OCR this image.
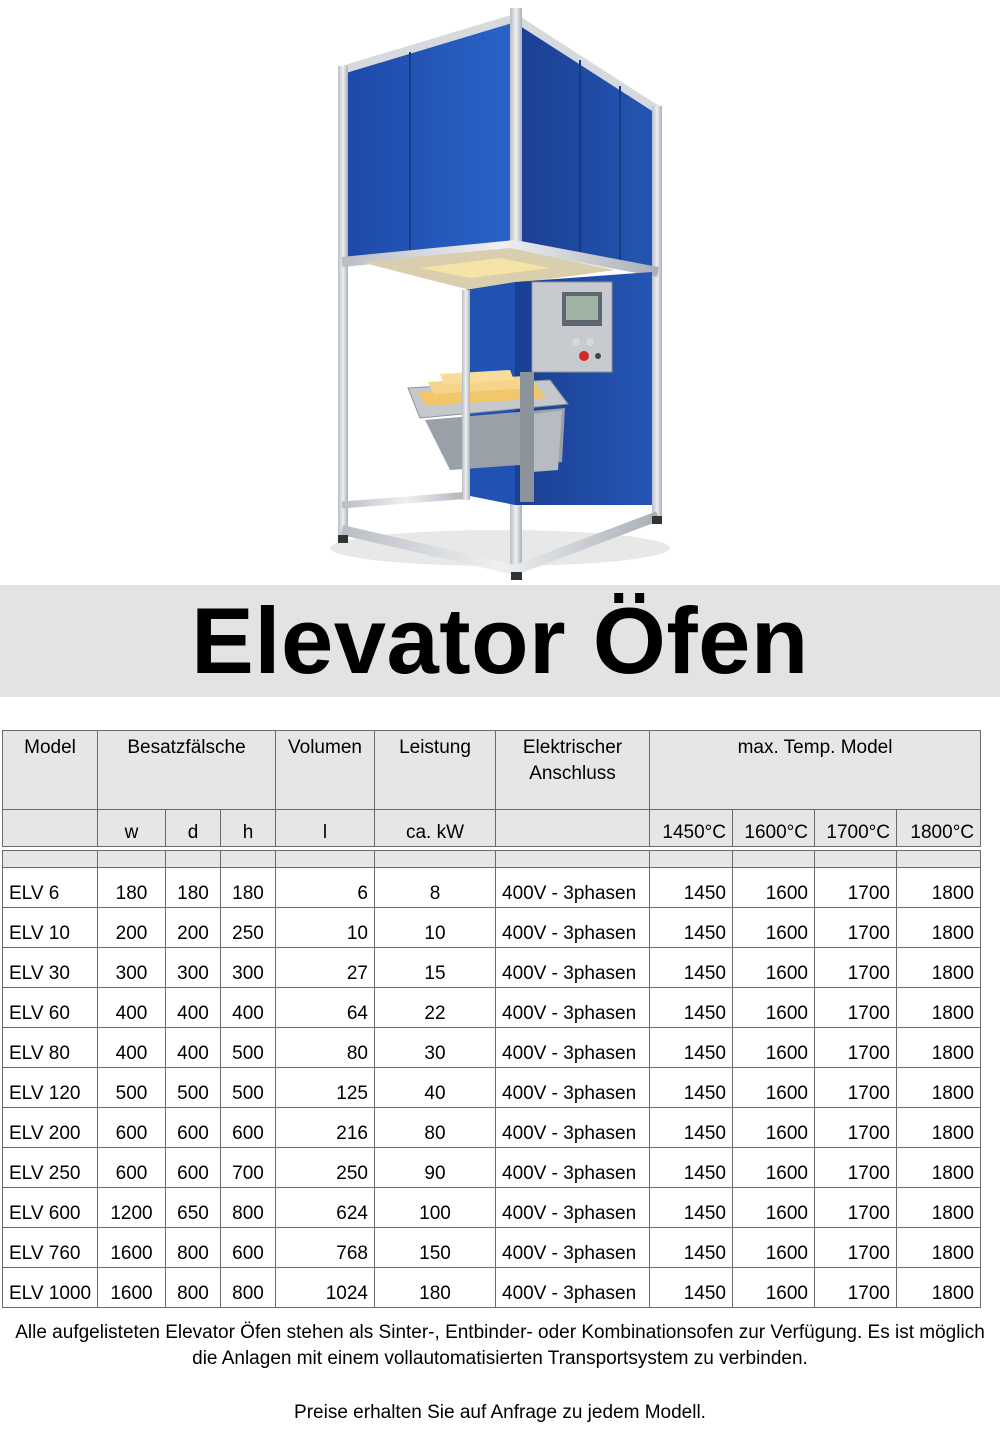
Elevator Öfen
Model	Besatzfälsche			Volumen	Leistung	Elektrischer Anschluss	max. Temp. Model			
	w	d	h	l	ca. kW		1450°C	1600°C	1700°C	1800°C

ELV 6	180	180	180	6	8	400V - 3phasen	1450	1600	1700	1800
ELV 10	200	200	250	10	10	400V - 3phasen	1450	1600	1700	1800
ELV 30	300	300	300	27	15	400V - 3phasen	1450	1600	1700	1800
ELV 60	400	400	400	64	22	400V - 3phasen	1450	1600	1700	1800
ELV 80	400	400	500	80	30	400V - 3phasen	1450	1600	1700	1800
ELV 120	500	500	500	125	40	400V - 3phasen	1450	1600	1700	1800
ELV 200	600	600	600	216	80	400V - 3phasen	1450	1600	1700	1800
ELV 250	600	600	700	250	90	400V - 3phasen	1450	1600	1700	1800
ELV 600	1200	650	800	624	100	400V - 3phasen	1450	1600	1700	1800
ELV 760	1600	800	600	768	150	400V - 3phasen	1450	1600	1700	1800
ELV 1000	1600	800	800	1024	180	400V - 3phasen	1450	1600	1700	1800

Alle aufgelisteten Elevator Öfen stehen als Sinter-, Entbinder- oder Kombinationsofen zur Verfügung. Es ist möglich die Anlagen mit einem vollautomatisierten Transportsystem zu verbinden.

Preise erhalten Sie auf Anfrage zu jedem Modell.
